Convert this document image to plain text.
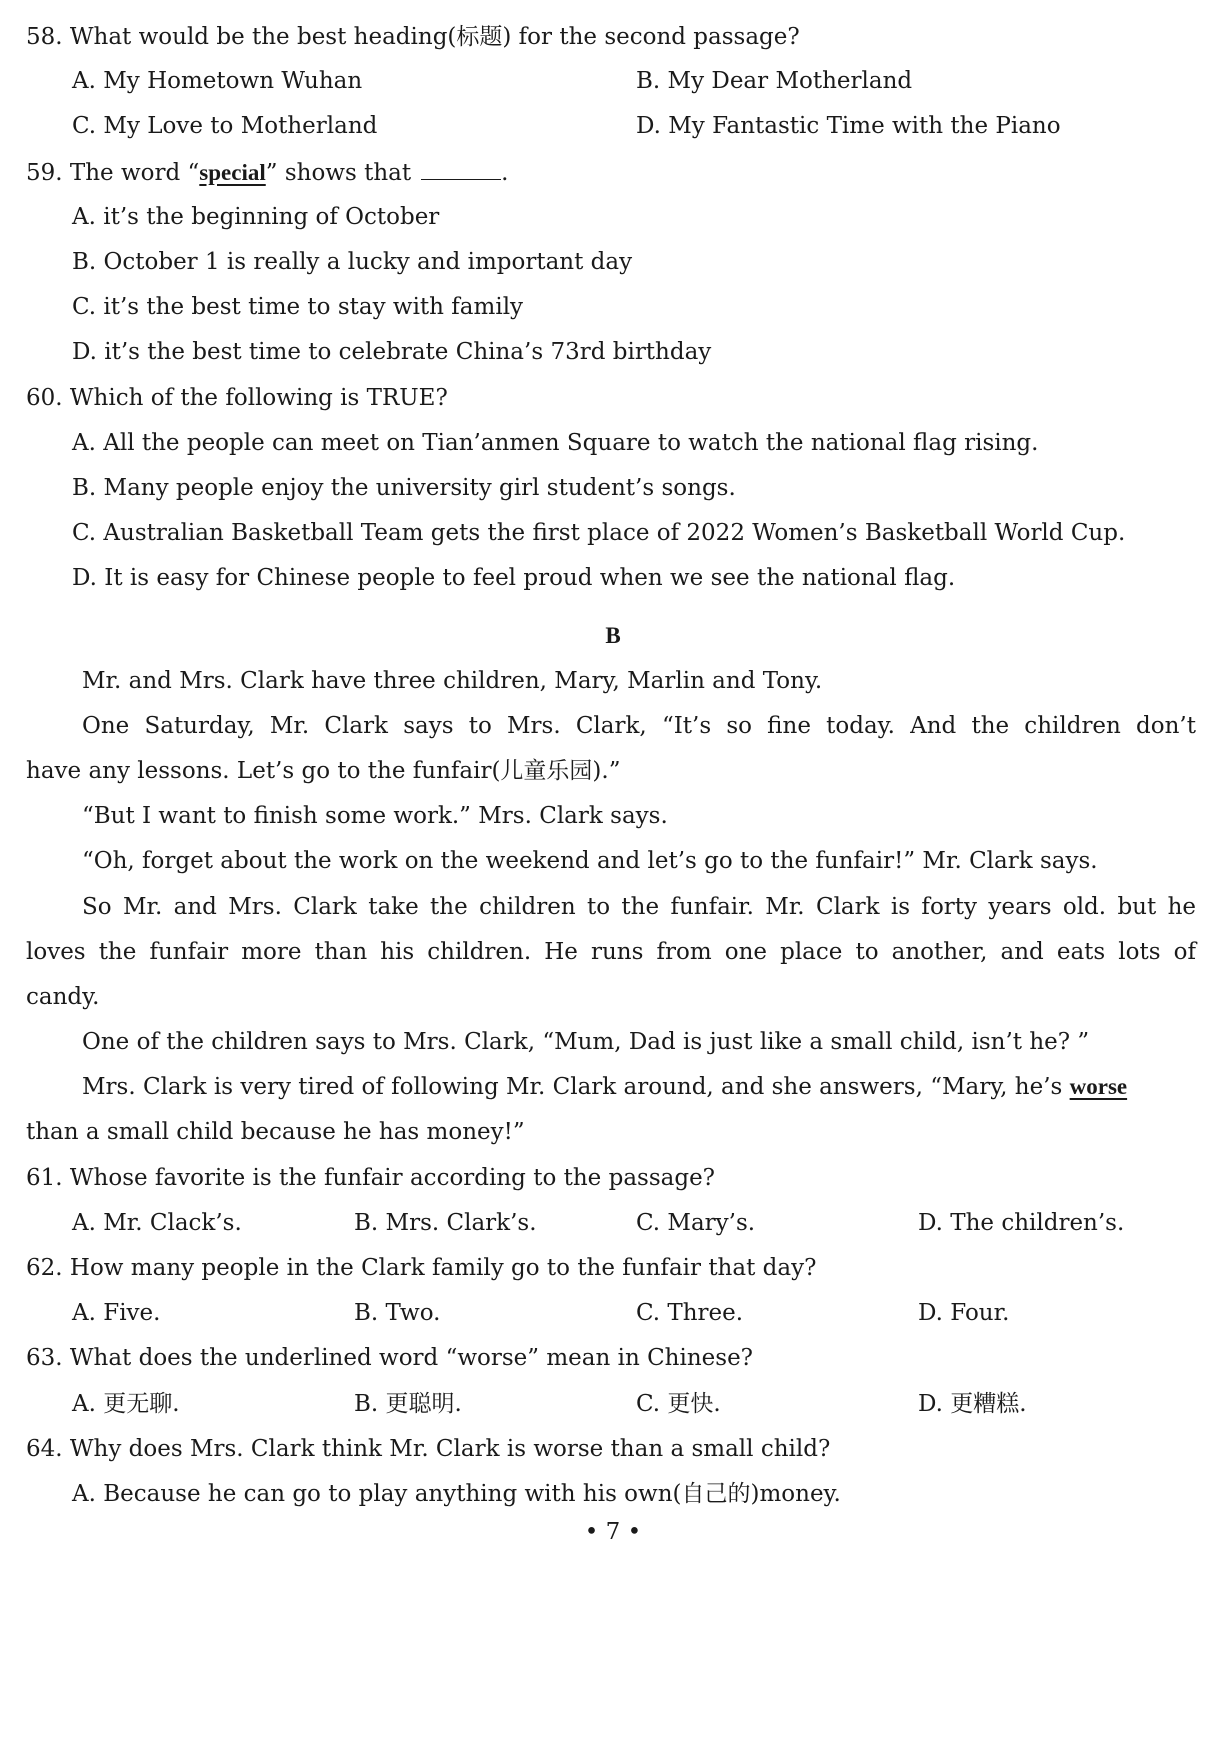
58. What would be the best heading(标题) for the second passage?
A. My Hometown Wuhan	B. My Dear Motherland
C. My Love to Motherland	D. My Fantastic Time with the Piano
59. The word “special” shows that	.
A. it’s the beginning of October
B. October 1 is really a lucky and important day
C. it’s the best time to stay with family
D. it’s the best time to celebrate China’s 73rd birthday
60. Which of the following is TRUE?
A. All the people can meet on Tian’anmen Square to watch the national flag rising.
B. Many people enjoy the university girl student’s songs.
C. Australian Basketball Team gets the first place of 2022 Women’s Basketball World Cup.
D. It is easy for Chinese people to feel proud when we see the national flag.
B
Mr. and Mrs. Clark have three children, Mary, Marlin and Tony.
One Saturday, Mr. Clark says to Mrs. Clark, “It’s so fine today. And the children don’t
have any lessons. Let’s go to the funfair(儿童乐园).”
“But I want to finish some work.” Mrs. Clark says.
“Oh, forget about the work on the weekend and let’s go to the funfair!” Mr. Clark says.
So Mr. and Mrs. Clark take the children to the funfair. Mr. Clark is forty years old. but he
loves the funfair more than his children. He runs from one place to another, and eats lots of
candy.
One of the children says to Mrs. Clark, “Mum, Dad is just like a small child, isn’t he? ”
Mrs. Clark is very tired of following Mr. Clark around, and she answers, “Mary, he’s worse
than a small child because he has money!”
61. Whose favorite is the funfair according to the passage?
A. Mr. Clack’s.	B. Mrs. Clark’s.	C. Mary’s.	D. The children’s.
62. How many people in the Clark family go to the funfair that day?
A. Five.	B. Two.	C. Three.	D. Four.
63. What does the underlined word “worse” mean in Chinese?
A. 更无聊.	B. 更聪明.	C. 更快.	D. 更糟糕.
64. Why does Mrs. Clark think Mr. Clark is worse than a small child?
A. Because he can go to play anything with his own(自己的)money.
• 7 •
